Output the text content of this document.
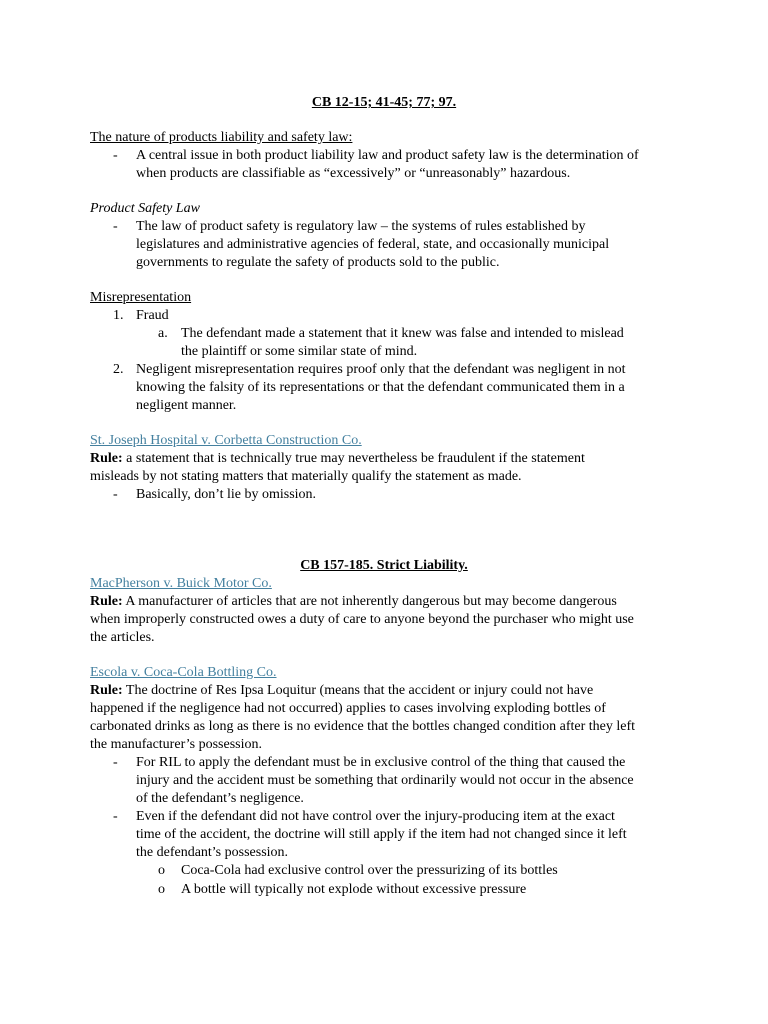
CB 12-15; 41-45; 77; 97.
The nature of products liability and safety law:
- A central issue in both product liability law and product safety law is the determination of
when products are classifiable as “excessively” or “unreasonably” hazardous.
Product Safety Law
- The law of product safety is regulatory law – the systems of rules established by
legislatures and administrative agencies of federal, state, and occasionally municipal
governments to regulate the safety of products sold to the public.
Misrepresentation
1. Fraud
a. The defendant made a statement that it knew was false and intended to mislead
the plaintiff or some similar state of mind.
2. Negligent misrepresentation requires proof only that the defendant was negligent in not
knowing the falsity of its representations or that the defendant communicated them in a
negligent manner.
St. Joseph Hospital v. Corbetta Construction Co.
Rule: a statement that is technically true may nevertheless be fraudulent if the statement
misleads by not stating matters that materially qualify the statement as made.
- Basically, don’t lie by omission.
CB 157-185. Strict Liability.
MacPherson v. Buick Motor Co.
Rule: A manufacturer of articles that are not inherently dangerous but may become dangerous
when improperly constructed owes a duty of care to anyone beyond the purchaser who might use
the articles.
Escola v. Coca-Cola Bottling Co.
Rule: The doctrine of Res Ipsa Loquitur (means that the accident or injury could not have
happened if the negligence had not occurred) applies to cases involving exploding bottles of
carbonated drinks as long as there is no evidence that the bottles changed condition after they left
the manufacturer’s possession.
- For RIL to apply the defendant must be in exclusive control of the thing that caused the
injury and the accident must be something that ordinarily would not occur in the absence
of the defendant’s negligence.
- Even if the defendant did not have control over the injury-producing item at the exact
time of the accident, the doctrine will still apply if the item had not changed since it left
the defendant’s possession.
o Coca-Cola had exclusive control over the pressurizing of its bottles
o A bottle will typically not explode without excessive pressure
